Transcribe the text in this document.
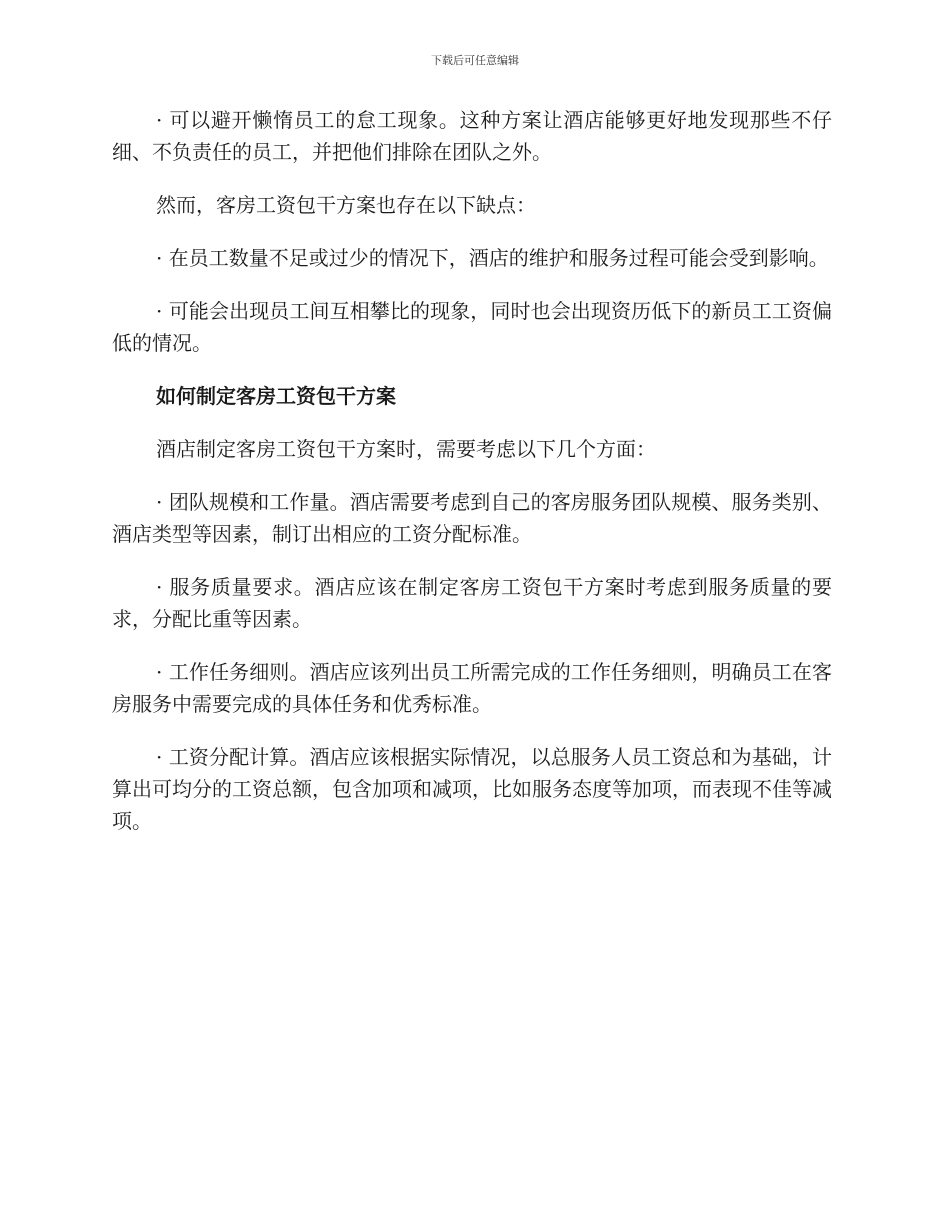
下载后可任意编辑

· 可以避开懒惰员工的怠工现象。这种方案让酒店能够更好地发现那些不仔细、不负责任的员工，并把他们排除在团队之外。

然而，客房工资包干方案也存在以下缺点：

· 在员工数量不足或过少的情况下，酒店的维护和服务过程可能会受到影响。

· 可能会出现员工间互相攀比的现象，同时也会出现资历低下的新员工工资偏低的情况。

如何制定客房工资包干方案

酒店制定客房工资包干方案时，需要考虑以下几个方面：

· 团队规模和工作量。酒店需要考虑到自己的客房服务团队规模、服务类别、酒店类型等因素，制订出相应的工资分配标准。

· 服务质量要求。酒店应该在制定客房工资包干方案时考虑到服务质量的要求，分配比重等因素。

· 工作任务细则。酒店应该列出员工所需完成的工作任务细则，明确员工在客房服务中需要完成的具体任务和优秀标准。

· 工资分配计算。酒店应该根据实际情况，以总服务人员工资总和为基础，计算出可均分的工资总额，包含加项和减项，比如服务态度等加项，而表现不佳等减项。
